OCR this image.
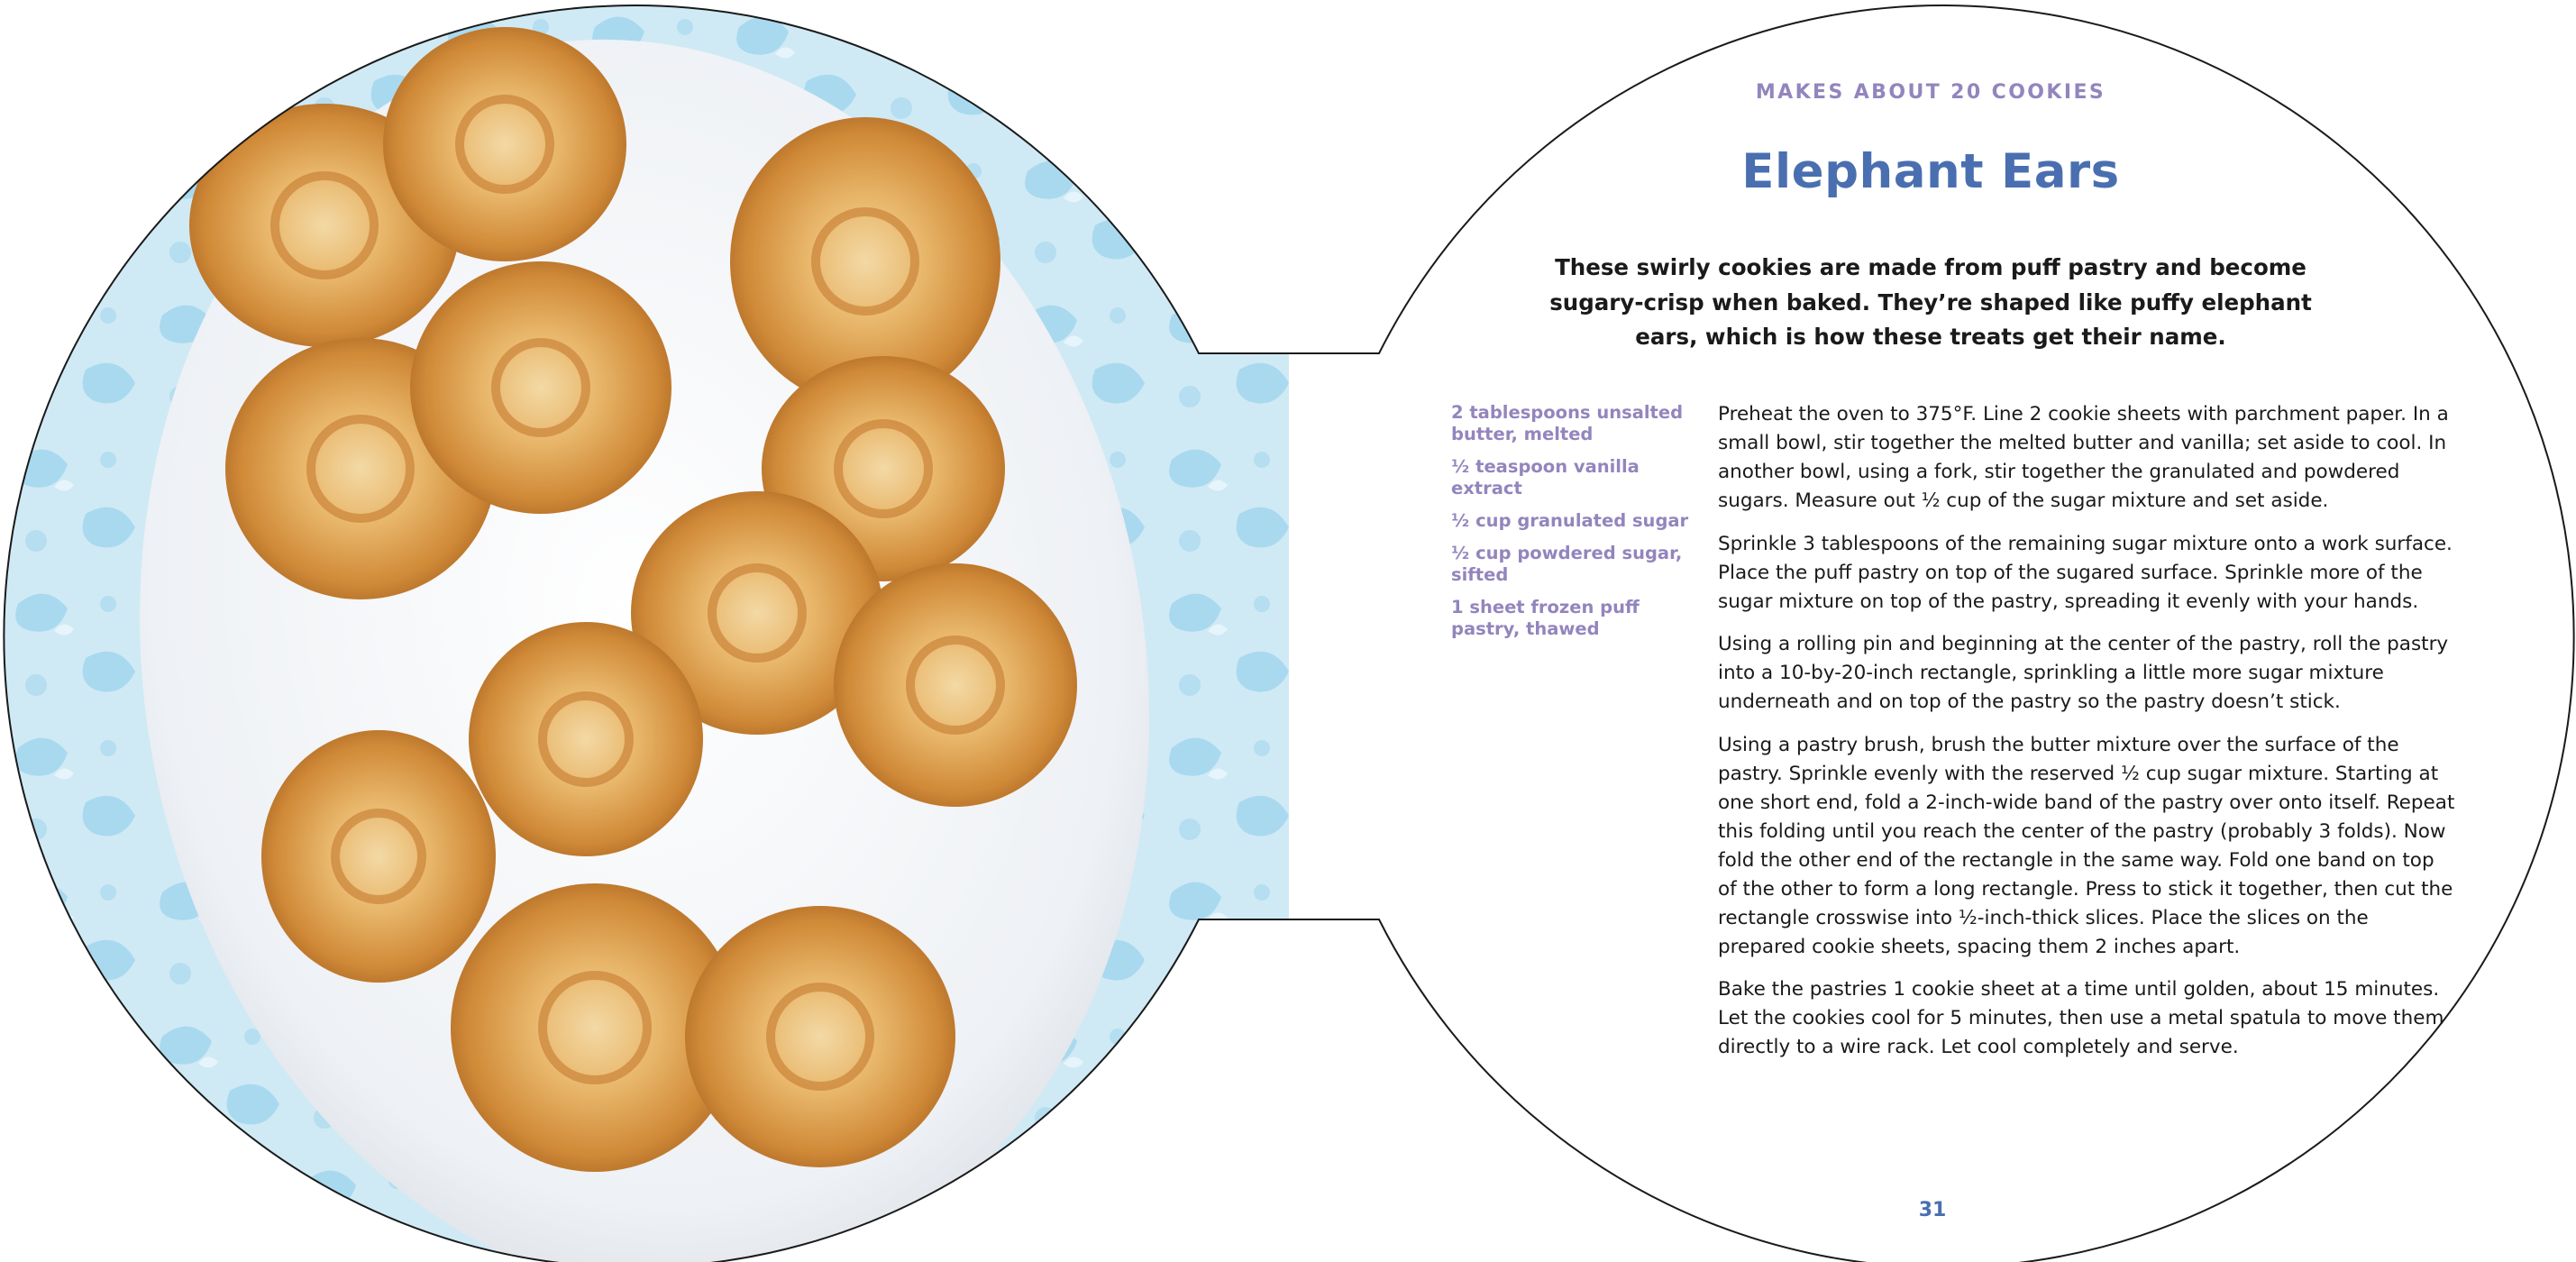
MAKES ABOUT 20 COOKIES
Elephant Ears
These swirly cookies are made from puff pastry and become sugary-crisp when baked. They’re shaped like puffy elephant ears, which is how these treats get their name.
2 tablespoons unsalted butter, melted
¹⁄₂ teaspoon vanilla extract
¹⁄₂ cup granulated sugar
¹⁄₂ cup powdered sugar, sifted
1 sheet frozen puff pastry, thawed

Preheat the oven to 375°F. Line 2 cookie sheets with parchment paper. In a small bowl, stir together the melted butter and vanilla; set aside to cool. In another bowl, using a fork, stir together the granulated and powdered sugars. Measure out ½ cup of the sugar mixture and set aside.

Sprinkle 3 tablespoons of the remaining sugar mixture onto a work surface. Place the puff pastry on top of the sugared surface. Sprinkle more of the sugar mixture on top of the pastry, spreading it evenly with your hands.

Using a rolling pin and beginning at the center of the pastry, roll the pastry into a 10-by-20-inch rectangle, sprinkling a little more sugar mixture underneath and on top of the pastry so the pastry doesn’t stick.

Using a pastry brush, brush the butter mixture over the surface of the pastry. Sprinkle evenly with the reserved ½ cup sugar mixture. Starting at one short end, fold a 2-inch-wide band of the pastry over onto itself. Repeat this folding until you reach the center of the pastry (probably 3 folds). Now fold the other end of the rectangle in the same way. Fold one band on top of the other to form a long rectangle. Press to stick it together, then cut the rectangle crosswise into ½-inch-thick slices. Place the slices on the prepared cookie sheets, spacing them 2 inches apart.

Bake the pastries 1 cookie sheet at a time until golden, about 15 minutes. Let the cookies cool for 5 minutes, then use a metal spatula to move them directly to a wire rack. Let cool completely and serve.

31
